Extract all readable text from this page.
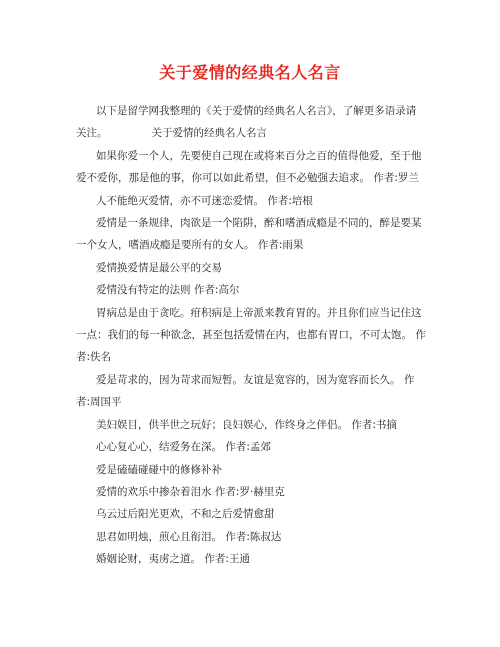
关于爱情的经典名人名言

以下是留学网我整理的《关于爱情的经典名人名言》，了解更多语录请关注。	关于爱情的经典名人名言

如果你爱一个人，先要使自己现在或将来百分之百的值得他爱，至于他爱不爱你，那是他的事，你可以如此希望，但不必勉强去追求。 作者:罗兰

人不能绝灭爱情，亦不可迷恋爱情。 作者:培根

爱情是一条规律，肉欲是一个陷阱，醉和嗜酒成瘾是不同的，醉是要某一个女人，嗜酒成瘾是要所有的女人。 作者:雨果

爱情换爱情是最公平的交易

爱情没有特定的法则 作者:高尔

胃病总是由于贪吃。疳积病是上帝派来教育胃的。并且你们应当记住这一点：我们的每一种欲念，甚至包括爱情在内，也都有胃口，不可太饱。 作者:佚名

爱是苛求的，因为苛求而短暂。友谊是宽容的，因为宽容而长久。 作者:周国平

美妇娱目，供半世之玩好；良妇娱心，作终身之伴侣。 作者:书摘

心心复心心，结爱务在深。 作者:孟郊

爱是磕磕碰碰中的修修补补

爱情的欢乐中掺杂着泪水 作者:罗·赫里克

乌云过后阳光更欢，不和之后爱情愈甜

思君如明烛，煎心且衔泪。 作者:陈叔达

婚姻论财，夷虏之道。 作者:王通
